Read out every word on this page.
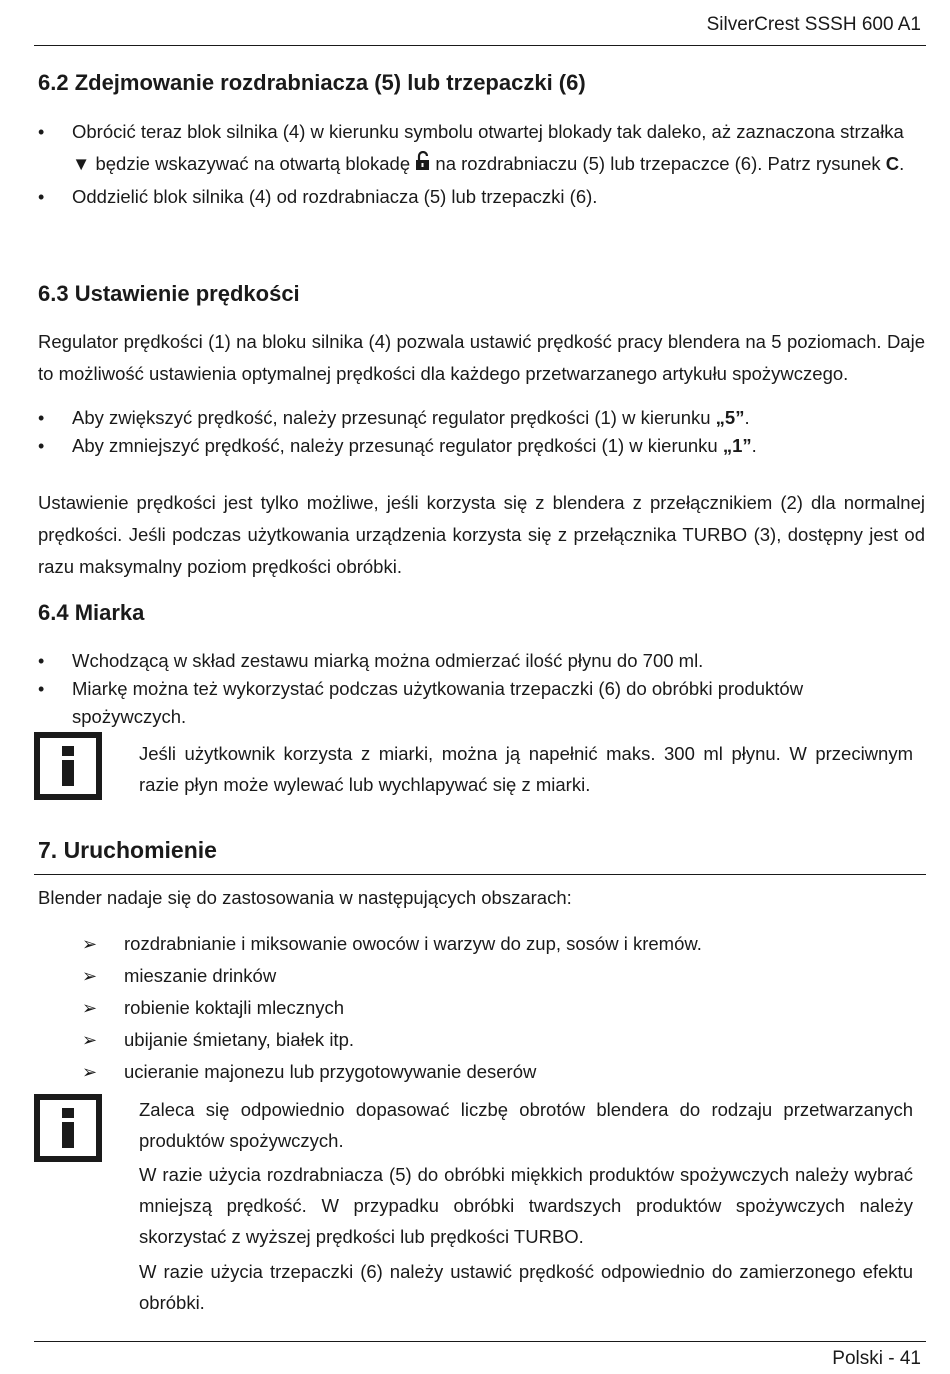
SilverCrest SSSH 600 A1
6.2 Zdejmowanie rozdrabniacza (5) lub trzepaczki (6)
• Obrócić teraz blok silnika (4) w kierunku symbolu otwartej blokady tak daleko, aż zaznaczona strzałka ▼ będzie wskazywać na otwartą blokadę na rozdrabniaczu (5) lub trzepaczce (6). Patrz rysunek C.
• Oddzielić blok silnika (4) od rozdrabniacza (5) lub trzepaczki (6).
6.3 Ustawienie prędkości

Regulator prędkości (1) na bloku silnika (4) pozwala ustawić prędkość pracy blendera na 5 poziomach. Daje to możliwość ustawienia optymalnej prędkości dla każdego przetwarzanego artykułu spożywczego.

• Aby zwiększyć prędkość, należy przesunąć regulator prędkości (1) w kierunku „5”.
• Aby zmniejszyć prędkość, należy przesunąć regulator prędkości (1) w kierunku „1”.

Ustawienie prędkości jest tylko możliwe, jeśli korzysta się z blendera z przełącznikiem (2) dla normalnej prędkości. Jeśli podczas użytkowania urządzenia korzysta się z przełącznika TURBO (3), dostępny jest od razu maksymalny poziom prędkości obróbki.

6.4 Miarka
• Wchodzącą w skład zestawu miarką można odmierzać ilość płynu do 700 ml.
• Miarkę można też wykorzystać podczas użytkowania trzepaczki (6) do obróbki produktów spożywczych.

Jeśli użytkownik korzysta z miarki, można ją napełnić maks. 300 ml płynu. W przeciwnym razie płyn może wylewać lub wychlapywać się z miarki.

7. Uruchomienie

Blender nadaje się do zastosowania w następujących obszarach:

➢ rozdrabnianie i miksowanie owoców i warzyw do zup, sosów i kremów.
➢ mieszanie drinków
➢ robienie koktajli mlecznych
➢ ubijanie śmietany, białek itp.
➢ ucieranie majonezu lub przygotowywanie deserów

Zaleca się odpowiednio dopasować liczbę obrotów blendera do rodzaju przetwarzanych produktów spożywczych.

W razie użycia rozdrabniacza (5) do obróbki miękkich produktów spożywczych należy wybrać mniejszą prędkość. W przypadku obróbki twardszych produktów spożywczych należy skorzystać z wyższej prędkości lub prędkości TURBO.

W razie użycia trzepaczki (6) należy ustawić prędkość odpowiednio do zamierzonego efektu obróbki.

Polski - 41
